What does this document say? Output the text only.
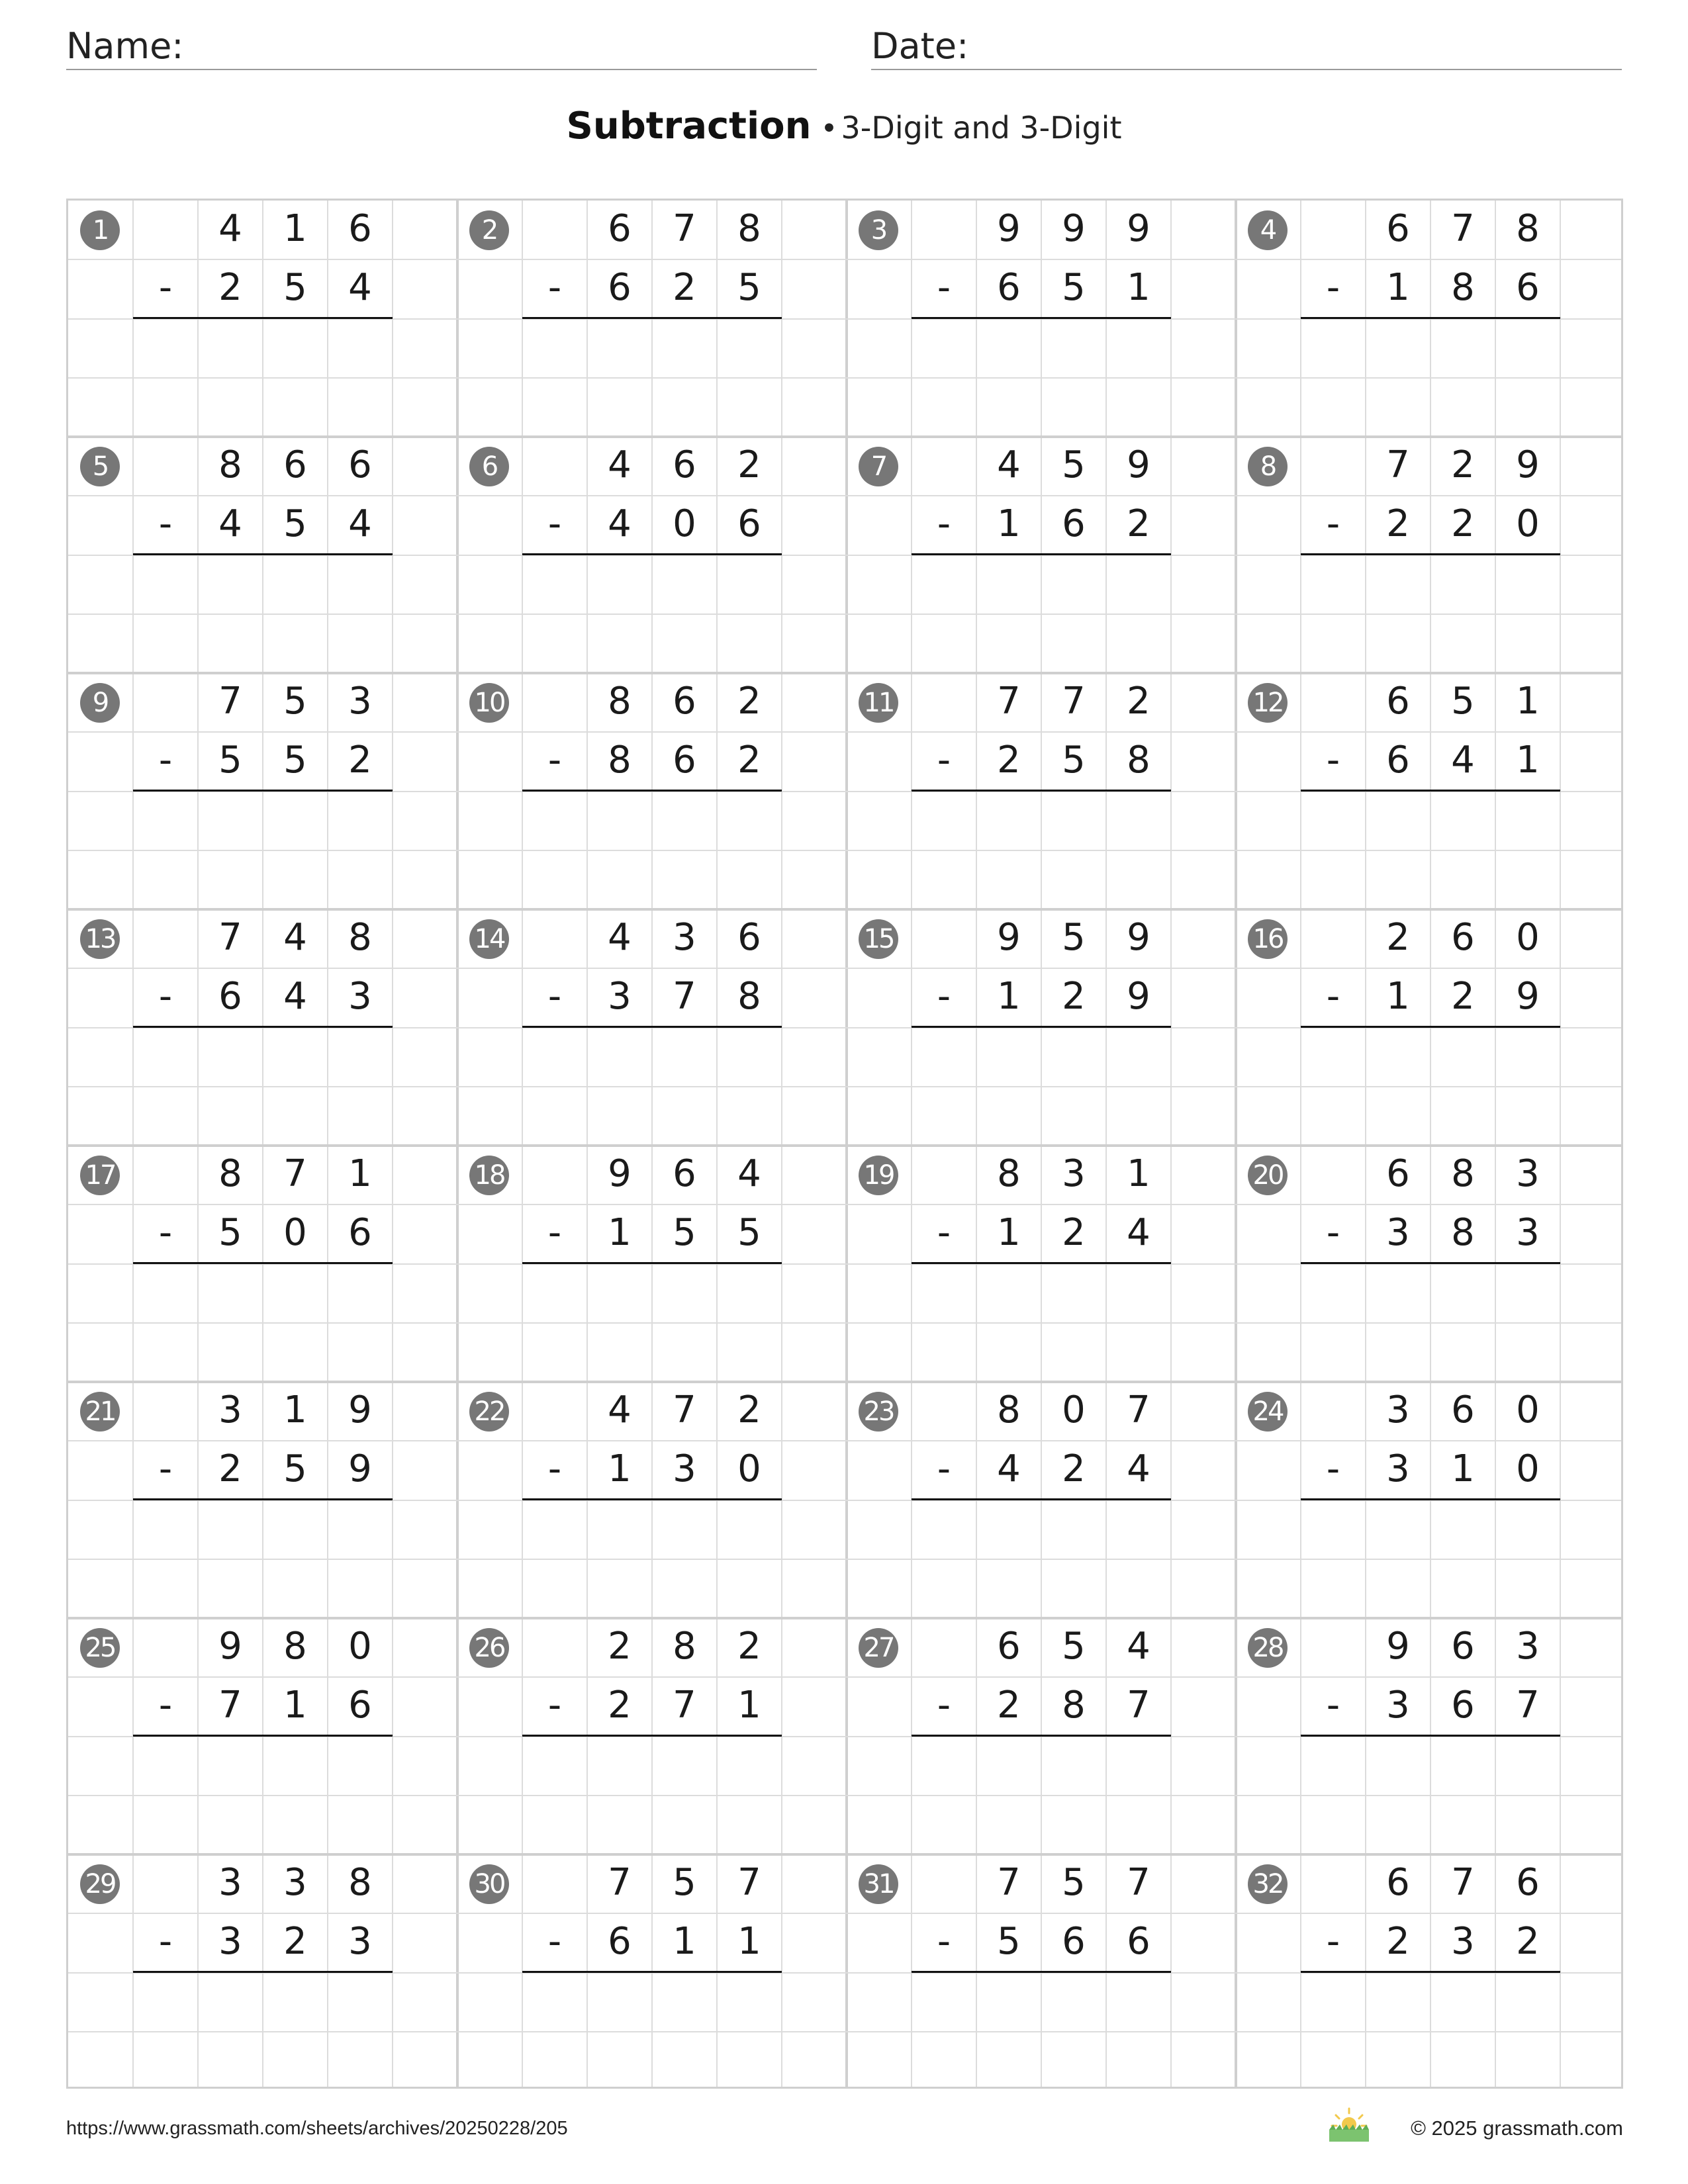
Name:	Date:
Subtraction • 3-Digit and 3-Digit
1	4	1	6
-	2	5	4
2	6	7	8
-	6	2	5
3	9	9	9
-	6	5	1
4	6	7	8
-	1	8	6
5	8	6	6
-	4	5	4
6	4	6	2
-	4	0	6
7	4	5	9
-	1	6	2
8	7	2	9
-	2	2	0
9	7	5	3
-	5	5	2
10	8	6	2
-	8	6	2
11	7	7	2
-	2	5	8
12	6	5	1
-	6	4	1
13	7	4	8
-	6	4	3
14	4	3	6
-	3	7	8
15	9	5	9
-	1	2	9
16	2	6	0
-	1	2	9
17	8	7	1
-	5	0	6
18	9	6	4
-	1	5	5
19	8	3	1
-	1	2	4
20	6	8	3
-	3	8	3
21	3	1	9
-	2	5	9
22	4	7	2
-	1	3	0
23	8	0	7
-	4	2	4
24	3	6	0
-	3	1	0
25	9	8	0
-	7	1	6
26	2	8	2
-	2	7	1
27	6	5	4
-	2	8	7
28	9	6	3
-	3	6	7
29	3	3	8
-	3	2	3
30	7	5	7
-	6	1	1
31	7	5	7
-	5	6	6
32	6	7	6
-	2	3	2
https://www.grassmath.com/sheets/archives/20250228/205	© 2025 grassmath.com
